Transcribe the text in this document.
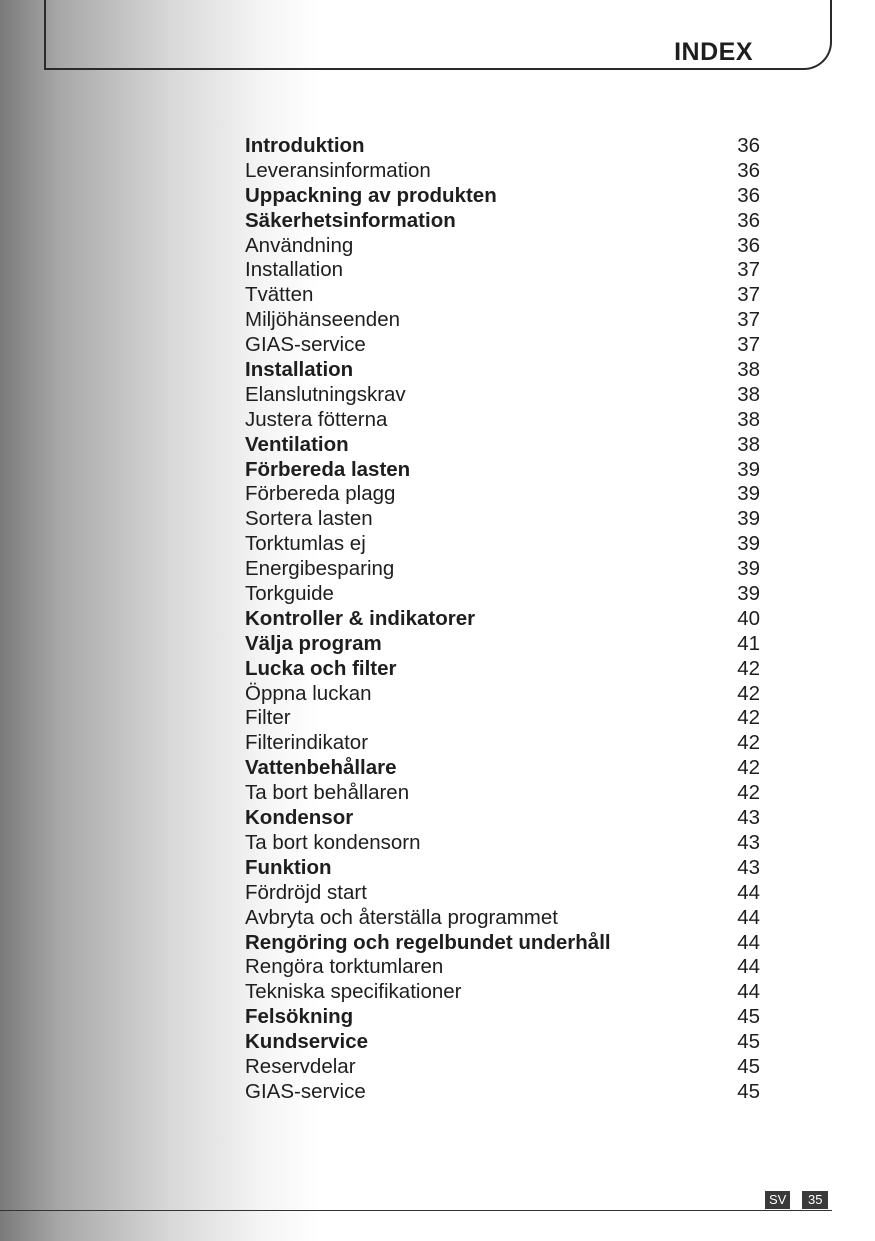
INDEX
Introduktion	36
Leveransinformation	36
Uppackning av produkten	36
Säkerhetsinformation	36
Användning	36
Installation	37
Tvätten	37
Miljöhänseenden	37
GIAS-service	37
Installation	38
Elanslutningskrav	38
Justera fötterna	38
Ventilation	38
Förbereda lasten	39
Förbereda plagg	39
Sortera lasten	39
Torktumlas ej	39
Energibesparing	39
Torkguide	39
Kontroller & indikatorer	40
Välja program	41
Lucka och filter	42
Öppna luckan	42
Filter	42
Filterindikator	42
Vattenbehållare	42
Ta bort behållaren	42
Kondensor	43
Ta bort kondensorn	43
Funktion	43
Fördröjd start	44
Avbryta och återställa programmet	44
Rengöring och regelbundet underhåll	44
Rengöra torktumlaren	44
Tekniska specifikationer	44
Felsökning	45
Kundservice	45
Reservdelar	45
GIAS-service	45
SV	35
